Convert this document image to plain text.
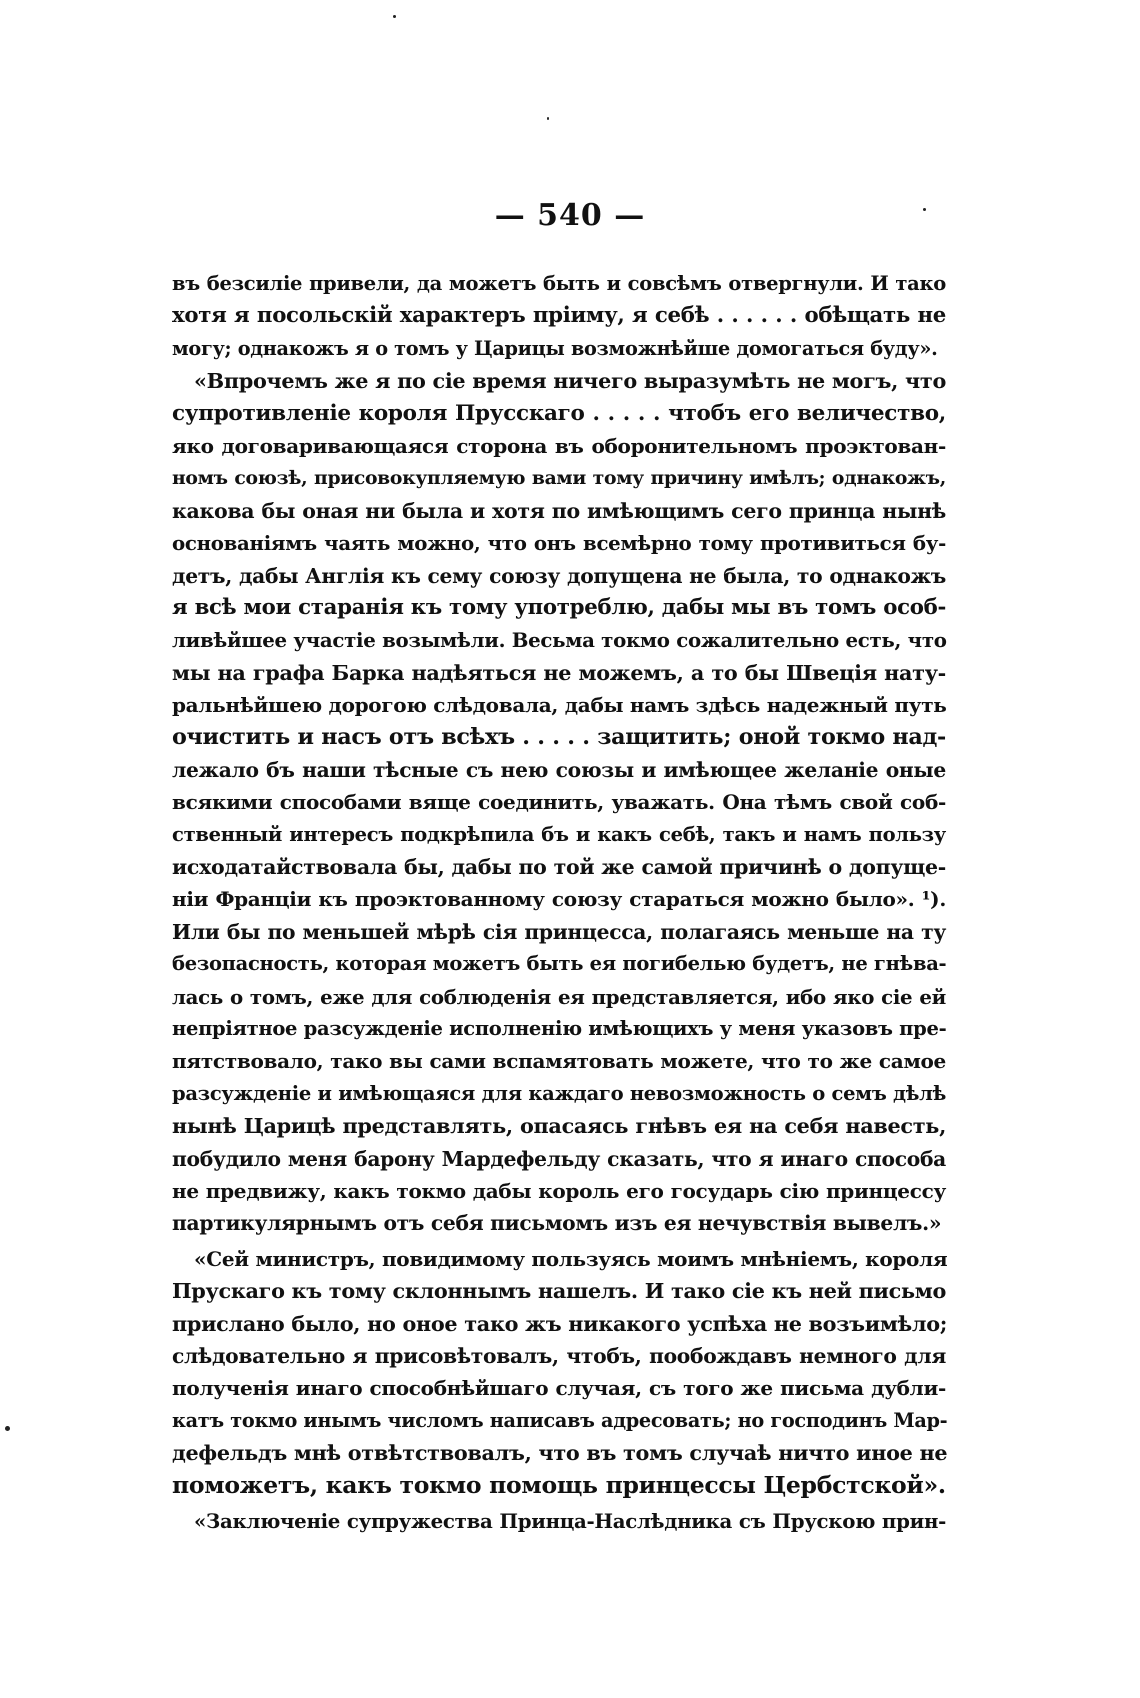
— 540 —
въ безсиліе привели, да можетъ быть и совсѣмъ отвергнули. И тако
хотя я посольскій характеръ пріиму, я себѣ . . . . . . обѣщать не
могу; однакожъ я о томъ у Царицы возможнѣйше домогаться буду».
«Впрочемъ же я по сіе время ничего выразумѣть не могъ, что
супротивленіе короля Прусскаго . . . . . чтобъ его величество,
яко договаривающаяся сторона въ оборонительномъ проэктован-
номъ союзѣ, присовокупляемую вами тому причину имѣлъ; однакожъ,
какова бы оная ни была и хотя по имѣющимъ сего принца нынѣ
основаніямъ чаять можно, что онъ всемѣрно тому противиться бу-
детъ, дабы Англія къ сему союзу допущена не была, то однакожъ
я всѣ мои старанія къ тому употреблю, дабы мы въ томъ особ-
ливѣйшее участіе возымѣли. Весьма токмо сожалительно есть, что
мы на графа Барка надѣяться не можемъ, а то бы Швеція нату-
ральнѣйшею дорогою слѣдовала, дабы намъ здѣсь надежный путь
очистить и насъ отъ всѣхъ . . . . . защитить; оной токмо над-
лежало бъ наши тѣсные съ нею союзы и имѣющее желаніе оные
всякими способами вяще соединить, уважать. Она тѣмъ свой соб-
ственный интересъ подкрѣпила бъ и какъ себѣ, такъ и намъ пользу
исходатайствовала бы, дабы по той же самой причинѣ о допуще-
ніи Франціи къ проэктованному союзу стараться можно было». ¹).
Или бы по меньшей мѣрѣ сія принцесса, полагаясь меньше на ту
безопасность, которая можетъ быть ея погибелью будетъ, не гнѣва-
лась о томъ, еже для соблюденія ея представляется, ибо яко сіе ей
непріятное разсужденіе исполненію имѣющихъ у меня указовъ пре-
пятствовало, тако вы сами вспамятовать можете, что то же самое
разсужденіе и имѣющаяся для каждаго невозможность о семъ дѣлѣ
нынѣ Царицѣ представлять, опасаясь гнѣвъ ея на себя навесть,
побудило меня барону Мардефельду сказать, что я инаго способа
не предвижу, какъ токмо дабы король его государь сію принцессу
партикулярнымъ отъ себя письмомъ изъ ея нечувствія вывелъ.»
«Сей министръ, повидимому пользуясь моимъ мнѣніемъ, короля
Прускаго къ тому склоннымъ нашелъ. И тако сіе къ ней письмо
прислано было, но оное тако жъ никакого успѣха не возъимѣло;
слѣдовательно я присовѣтовалъ, чтобъ, пообождавъ немного для
полученія инаго способнѣйшаго случая, съ того же письма дубли-
катъ токмо инымъ числомъ написавъ адресовать; но господинъ Мар-
дефельдъ мнѣ отвѣтствовалъ, что въ томъ случаѣ ничто иное не
поможетъ, какъ токмо помощь принцессы Цербстской».
«Заключеніе супружества Принца-Наслѣдника съ Прускою прин-
